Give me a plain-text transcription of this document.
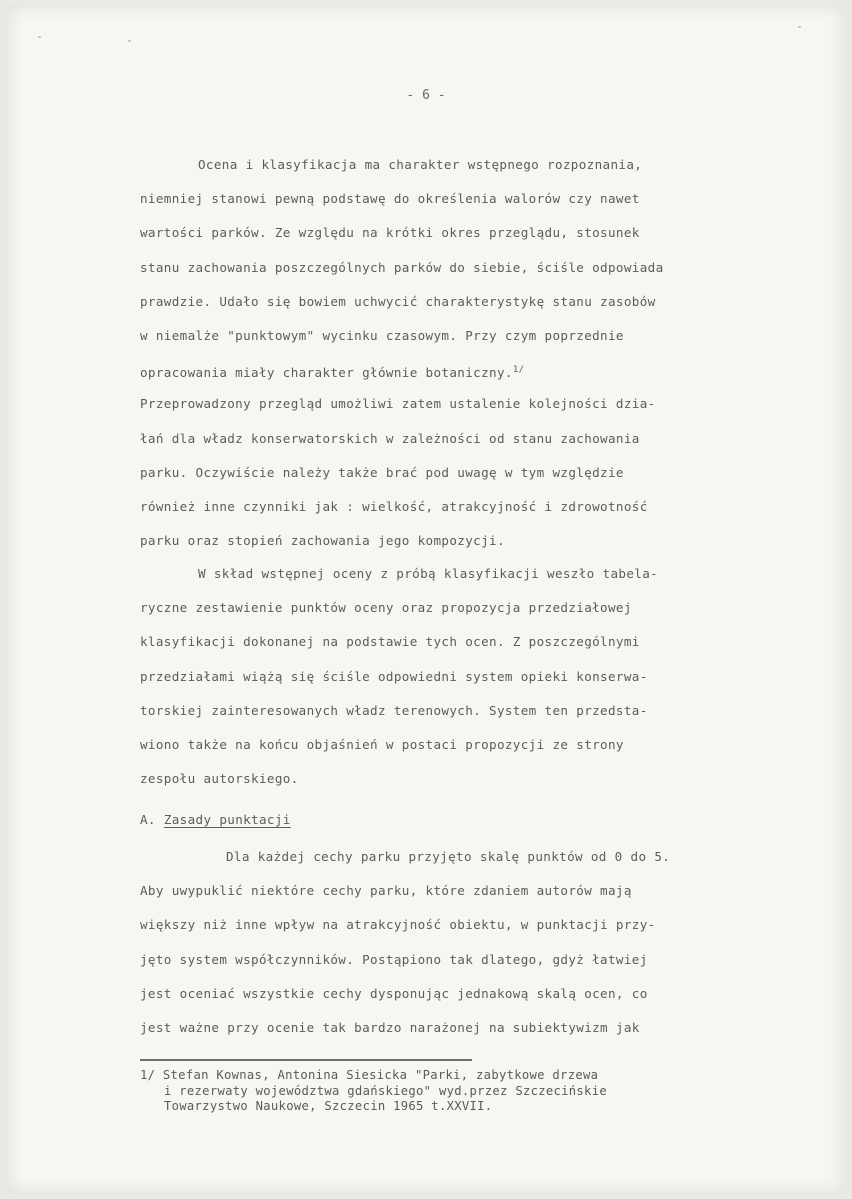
- 6 -
Ocena i klasyfikacja ma charakter wstępnego rozpoznania,
niemniej stanowi pewną podstawę do określenia walorów czy nawet
wartości parków. Ze względu na krótki okres przeglądu, stosunek
stanu zachowania poszczególnych parków do siebie, ściśle odpowiada
prawdzie. Udało się bowiem uchwycić charakterystykę stanu zasobów
w niemalże "punktowym" wycinku czasowym. Przy czym poprzednie
opracowania miały charakter głównie botaniczny.$^{1/}$
Przeprowadzony przegląd umożliwi zatem ustalenie kolejności dzia-
łań dla władz konserwatorskich w zależności od stanu zachowania
parku. Oczywiście należy także brać pod uwagę w tym względzie
również inne czynniki jak : wielkość, atrakcyjność i zdrowotność
parku oraz stopień zachowania jego kompozycji.
W skład wstępnej oceny z próbą klasyfikacji weszło tabela-
ryczne zestawienie punktów oceny oraz propozycja przedziałowej
klasyfikacji dokonanej na podstawie tych ocen. Z poszczególnymi
przedziałami wiążą się ściśle odpowiedni system opieki konserwa-
torskiej zainteresowanych władz terenowych. System ten przedsta-
wiono także na końcu objaśnień w postaci propozycji ze strony
zespołu autorskiego.
A. Zasady punktacji
Dla każdej cechy parku przyjęto skalę punktów od 0 do 5.
Aby uwypuklić niektóre cechy parku, które zdaniem autorów mają
większy niż inne wpływ na atrakcyjność obiektu, w punktacji przy-
jęto system współczynników. Postąpiono tak dlatego, gdyż łatwiej
jest oceniać wszystkie cechy dysponując jednakową skalą ocen, co
jest ważne przy ocenie tak bardzo narażonej na subiektywizm jak
1/ Stefan Kownas, Antonina Siesicka "Parki, zabytkowe drzewa
i rezerwaty województwa gdańskiego" wyd.przez Szczecińskie
Towarzystwo Naukowe, Szczecin 1965 t.XXVII.
